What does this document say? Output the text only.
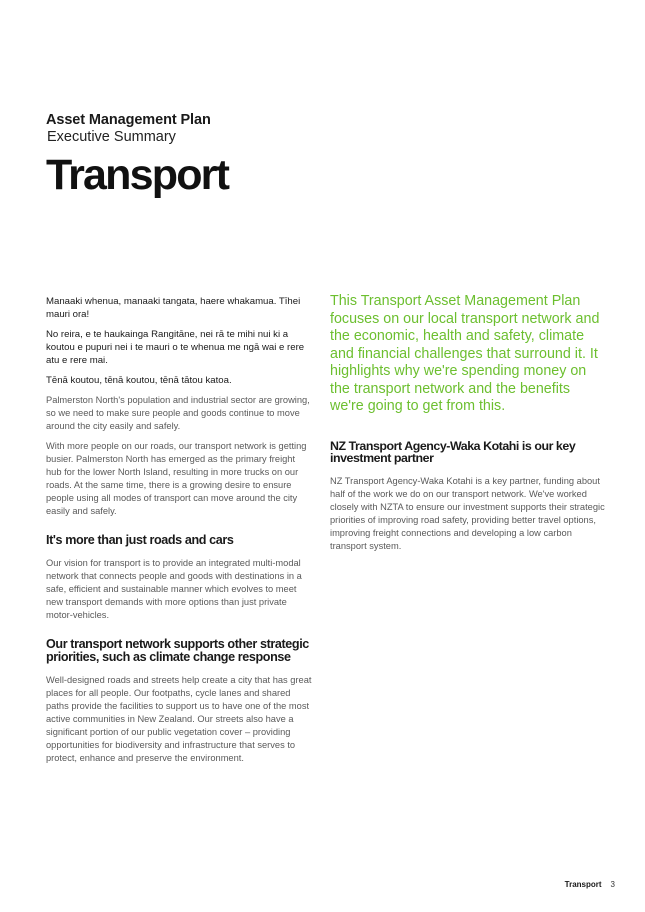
Asset Management Plan
Executive Summary
Transport

Manaaki whenua, manaaki tangata, haere whakamua. Tīhei mauri ora!

No reira, e te haukainga Rangitāne, nei rā te mihi nui ki a koutou e pupuri nei i te mauri o te whenua me ngā wai e rere atu e rere mai.

Tēnā koutou, tēnā koutou, tēnā tātou katoa.

Palmerston North's population and industrial sector are growing, so we need to make sure people and goods continue to move around the city easily and safely.

With more people on our roads, our transport network is getting busier. Palmerston North has emerged as the primary freight hub for the lower North Island, resulting in more trucks on our roads. At the same time, there is a growing desire to ensure people using all modes of transport can move around the city easily and safely.

It's more than just roads and cars

Our vision for transport is to provide an integrated multi-modal network that connects people and goods with destinations in a safe, efficient and sustainable manner which evolves to meet new transport demands with more options than just private motor-vehicles.

Our transport network supports other strategic priorities, such as climate change response

Well-designed roads and streets help create a city that has great places for all people. Our footpaths, cycle lanes and shared paths provide the facilities to support us to have one of the most active communities in New Zealand. Our streets also have a significant portion of our public vegetation cover – providing opportunities for biodiversity and infrastructure that serves to protect, enhance and preserve the environment.

This Transport Asset Management Plan focuses on our local transport network and the economic, health and safety, climate and financial challenges that surround it. It highlights why we're spending money on the transport network and the benefits we're going to get from this.

NZ Transport Agency-Waka Kotahi is our key investment partner

NZ Transport Agency-Waka Kotahi is a key partner, funding about half of the work we do on our transport network. We've worked closely with NZTA to ensure our investment supports their strategic priorities of improving road safety, providing better travel options, improving freight connections and developing a low carbon transport system.

Transport 3
